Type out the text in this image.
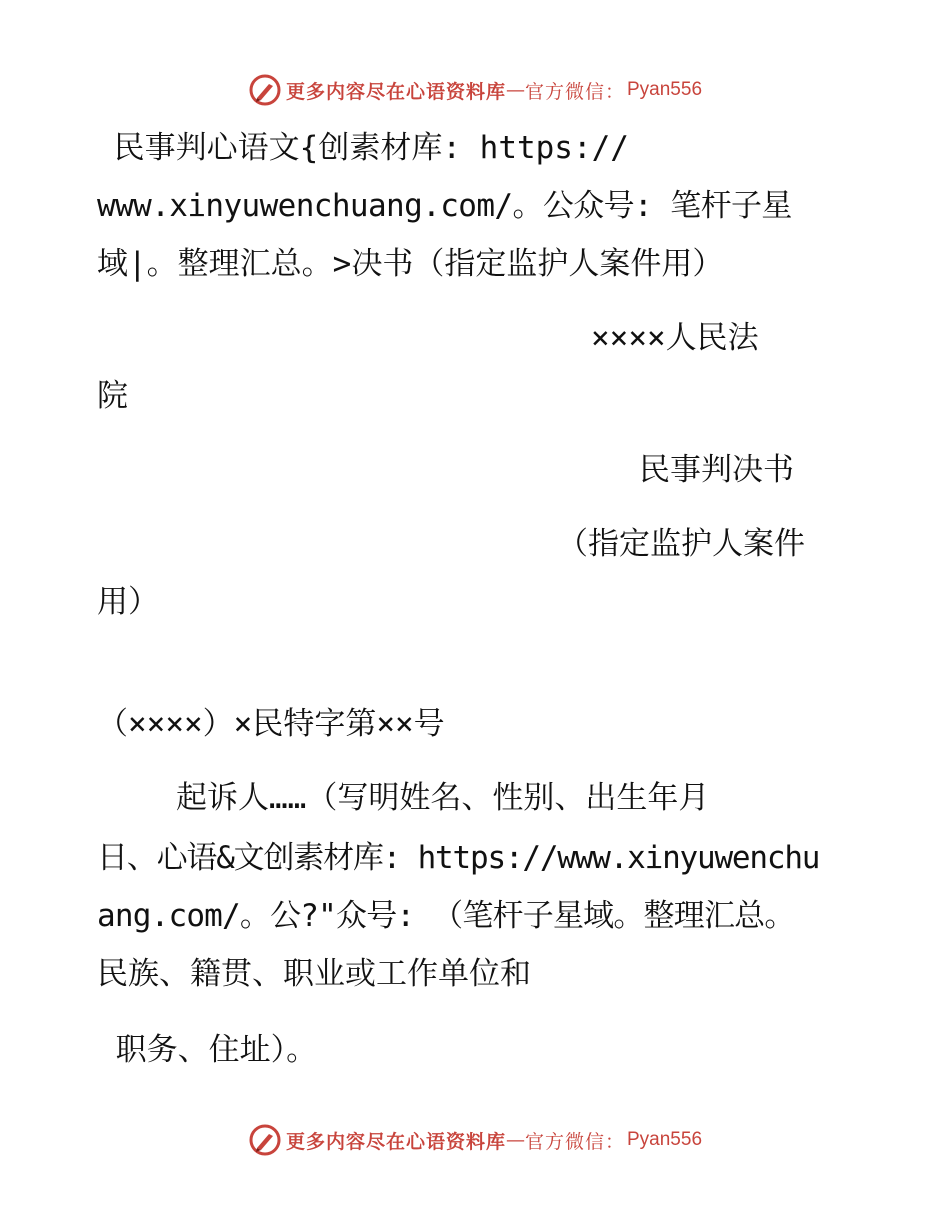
更多内容尽在心语资料库 — 官方微信： Pyan556
民事判心语文{创素材库: https://
www.xinyuwenchuang.com/。公众号: 笔杆子星
域|。整理汇总。>决书（指定监护人案件用）
××××人民法
院
民事判决书
（指定监护人案件
用）
（××××）×民特字第××号
起诉人……（写明姓名、性别、出生年月
日、心语&文创素材库: https://www.xinyuwenchu
ang.com/。公?"众号: （笔杆子星域。整理汇总。
民族、籍贯、职业或工作单位和
职务、住址）。
更多内容尽在心语资料库 — 官方微信： Pyan556
